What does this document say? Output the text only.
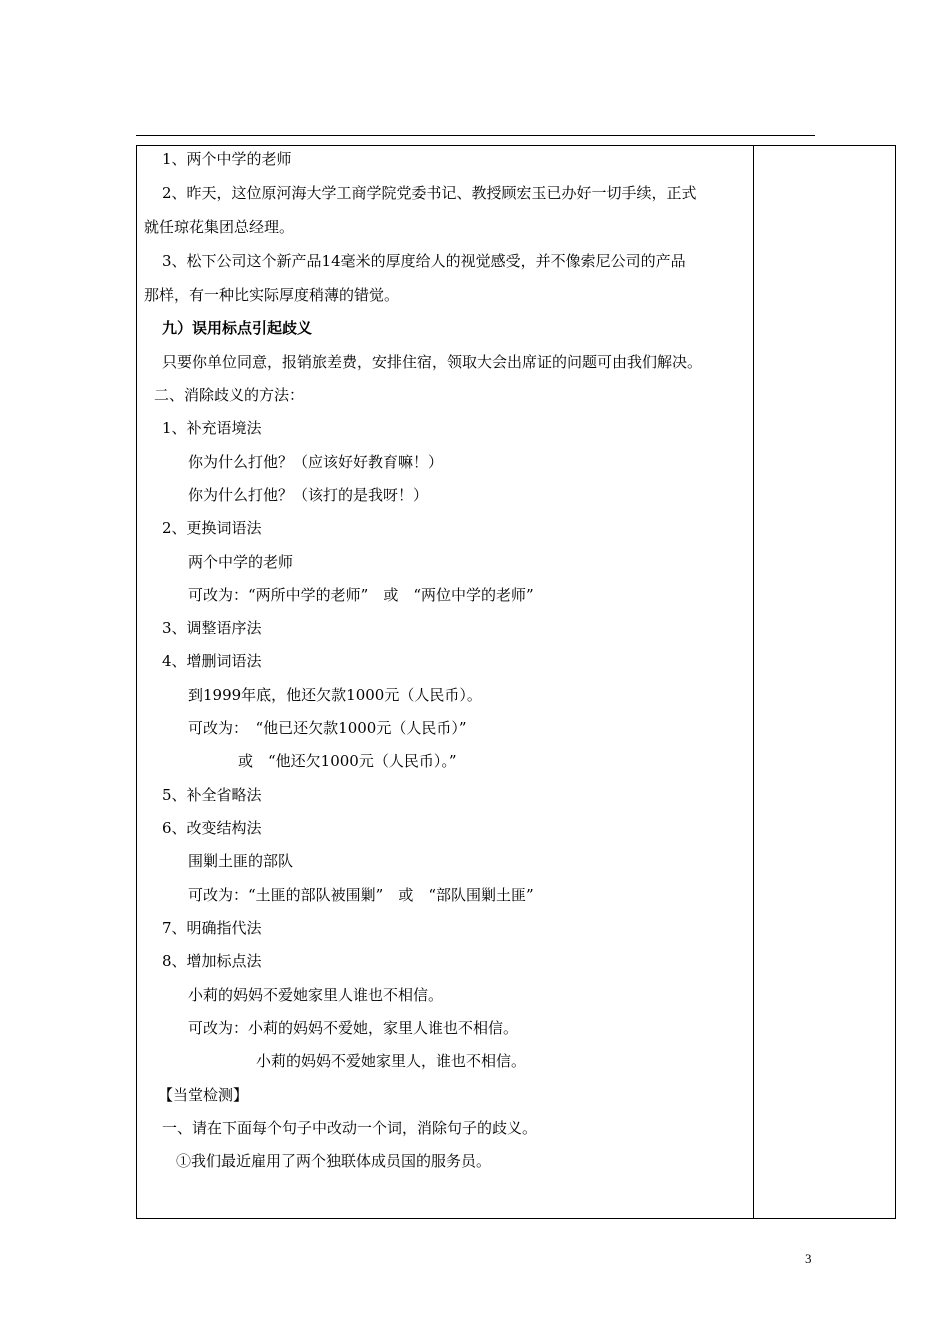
1、两个中学的老师
2、昨天，这位原河海大学工商学院党委书记、教授顾宏玉已办好一切手续，正式
就任琼花集团总经理。
3、松下公司这个新产品14毫米的厚度给人的视觉感受，并不像索尼公司的产品
那样，有一种比实际厚度稍薄的错觉。
九）误用标点引起歧义
只要你单位同意，报销旅差费，安排住宿，领取大会出席证的问题可由我们解决。
二、消除歧义的方法：
1、补充语境法
你为什么打他？（应该好好教育嘛！）
你为什么打他？（该打的是我呀！）
2、更换词语法
两个中学的老师
可改为：“两所中学的老师”　或　“两位中学的老师”
3、调整语序法
4、增删词语法
到1999年底，他还欠款1000元（人民币）。
可改为：　“他已还欠款1000元（人民币）”
或　“他还欠1000元（人民币）。”
5、补全省略法
6、改变结构法
围剿土匪的部队
可改为：“土匪的部队被围剿”　或　“部队围剿土匪”
7、明确指代法
8、增加标点法
小莉的妈妈不爱她家里人谁也不相信。
可改为：小莉的妈妈不爱她，家里人谁也不相信。
小莉的妈妈不爱她家里人，谁也不相信。
【当堂检测】
一、请在下面每个句子中改动一个词，消除句子的歧义。
①我们最近雇用了两个独联体成员国的服务员。
3
